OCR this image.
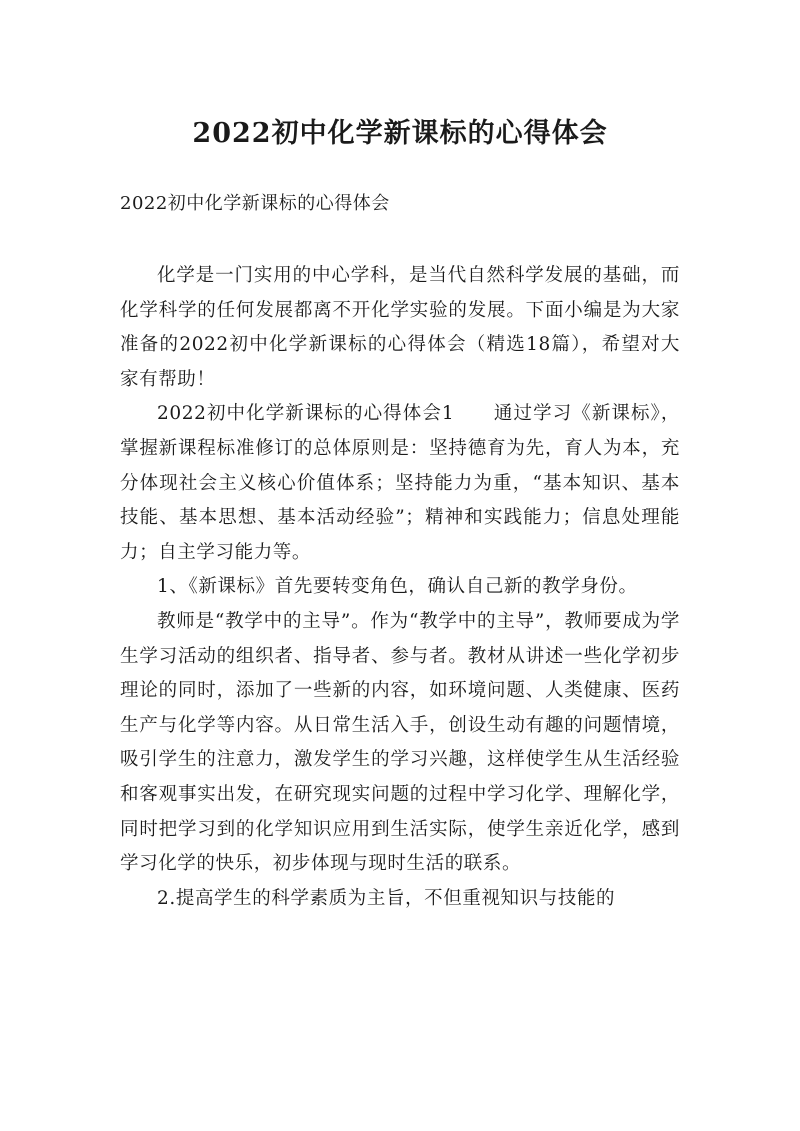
2022初中化学新课标的心得体会
2022初中化学新课标的心得体会

化学是一门实用的中心学科，是当代自然科学发展的基础，而化学科学的任何发展都离不开化学实验的发展。下面小编是为大家准备的2022初中化学新课标的心得体会（精选18篇），希望对大家有帮助！

2022初中化学新课标的心得体会1　　通过学习《新课标》，掌握新课程标准修订的总体原则是：坚持德育为先，育人为本，充分体现社会主义核心价值体系；坚持能力为重，“基本知识、基本技能、基本思想、基本活动经验”；精神和实践能力；信息处理能力；自主学习能力等。

1、《新课标》首先要转变角色，确认自己新的教学身份。

教师是“教学中的主导”。作为“教学中的主导”，教师要成为学生学习活动的组织者、指导者、参与者。教材从讲述一些化学初步理论的同时，添加了一些新的内容，如环境问题、人类健康、医药生产与化学等内容。从日常生活入手，创设生动有趣的问题情境，吸引学生的注意力，激发学生的学习兴趣，这样使学生从生活经验和客观事实出发，在研究现实问题的过程中学习化学、理解化学，同时把学习到的化学知识应用到生活实际，使学生亲近化学，感到学习化学的快乐，初步体现与现时生活的联系。

2.提高学生的科学素质为主旨，不但重视知识与技能的
